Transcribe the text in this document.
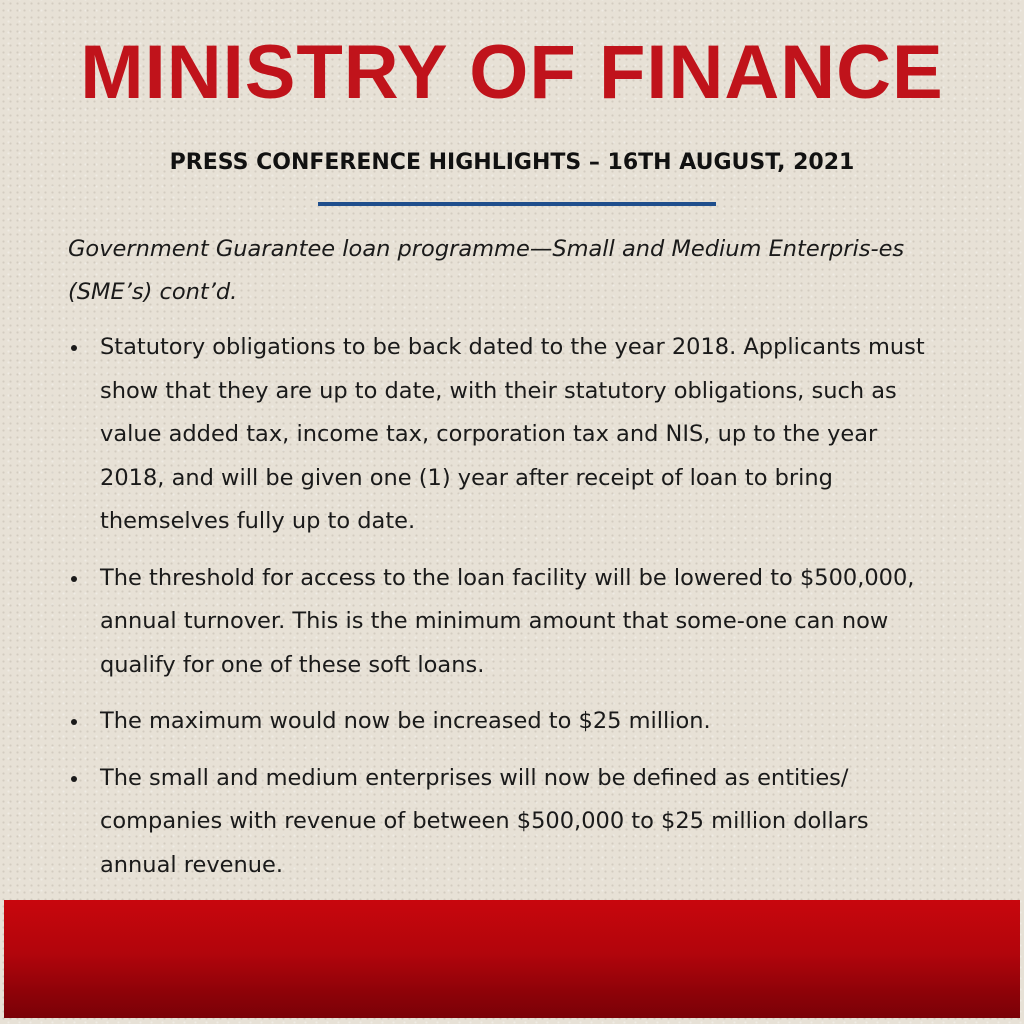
MINISTRY OF FINANCE
PRESS CONFERENCE HIGHLIGHTS – 16TH AUGUST, 2021
Government Guarantee loan programme—Small and Medium Enterpris-es (SME’s) cont’d.
Statutory obligations to be back dated to the year 2018. Applicants must show that they are up to date, with their statutory obligations, such as value added tax, income tax, corporation tax and NIS, up to the year 2018, and will be given one (1) year after receipt of loan to bring themselves fully up to date.
The threshold for access to the loan facility will be lowered to $500,000, annual turnover. This is the minimum amount that some-one can now qualify for one of these soft loans.
The maximum would now be increased to $25 million.
The small and medium enterprises will now be defined as entities/ companies with revenue of between $500,000 to $25 million dollars annual revenue.
